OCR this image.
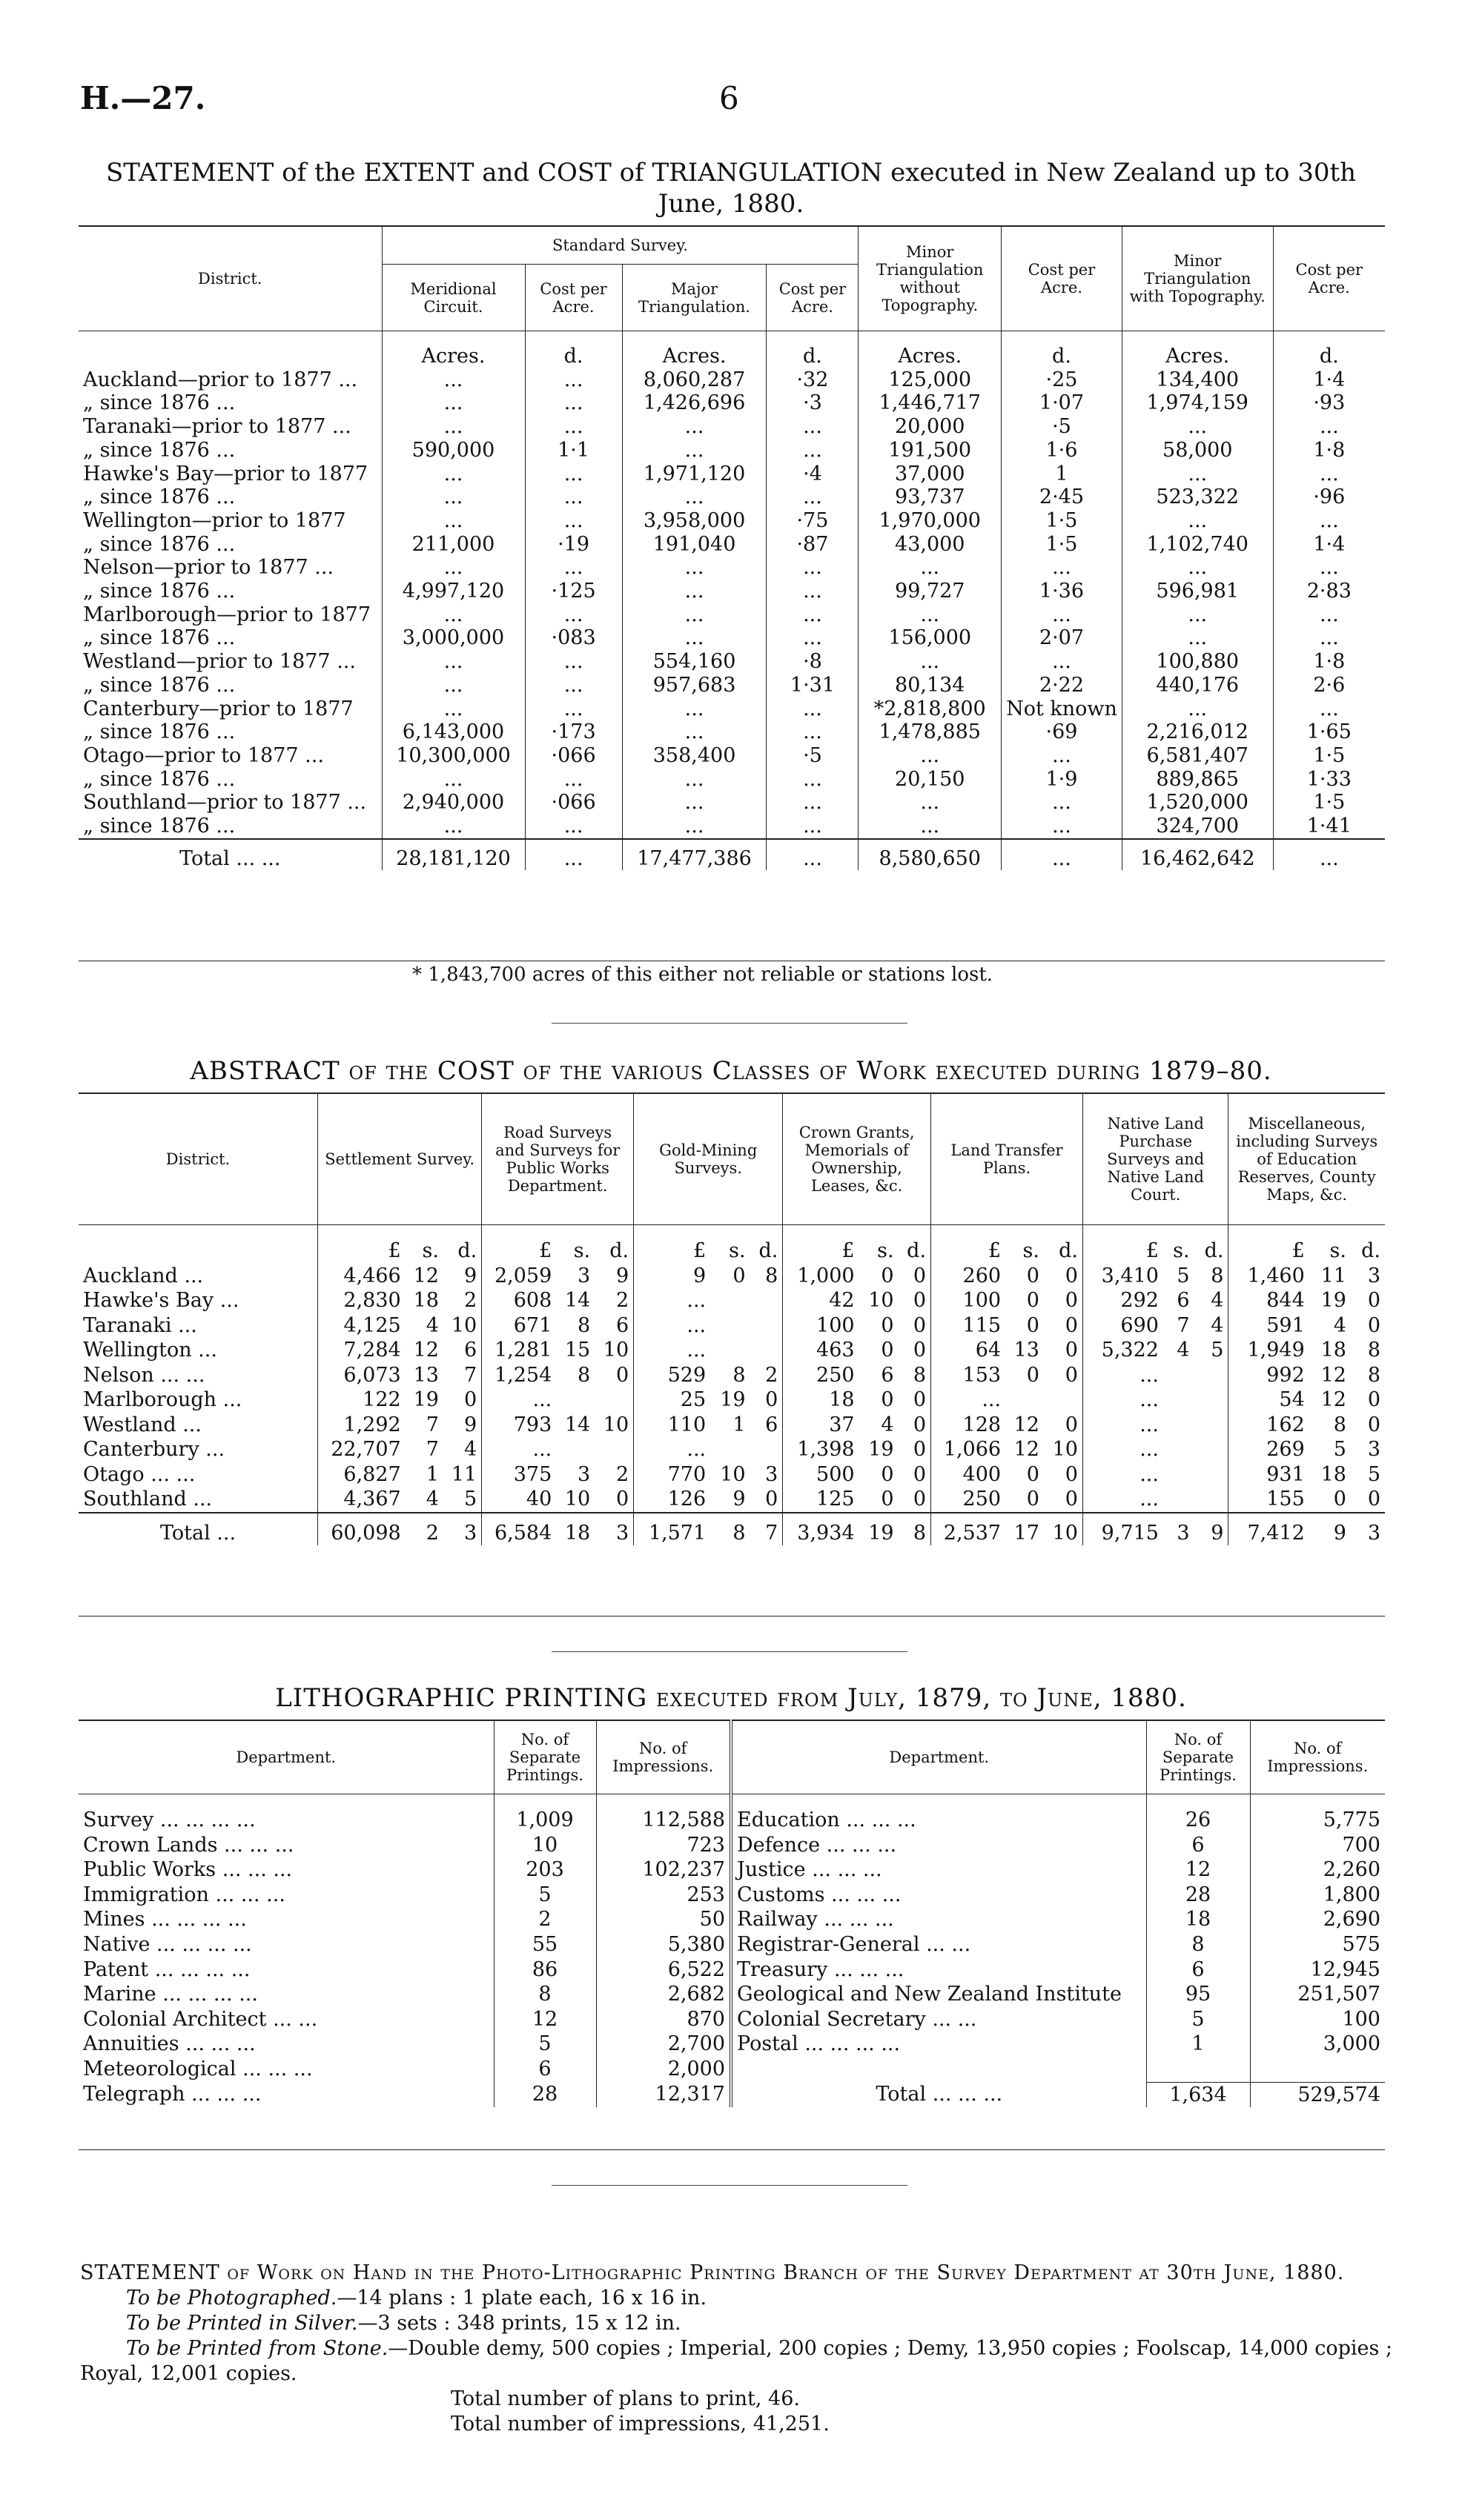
H.—27.	6
STATEMENT of the EXTENT and COST of TRIANGULATION executed in New Zealand up to 30th
June, 1880.
District.	Standard Survey.				Minor Triangulation without Topography.	Cost per Acre.	Minor Triangulation with Topography.	Cost per Acre.
	Meridional Circuit.	Cost per Acre.	Major Triangulation.	Cost per Acre.				
	Acres.	d.	Acres.	d.	Acres.	d.	Acres.	d.
Auckland—prior to 1877 ...	...	...	8,060,287	·32	125,000	·25	134,400	1·4
„ since 1876 ...	...	...	1,426,696	·3	1,446,717	1·07	1,974,159	·93
Taranaki—prior to 1877 ...	...	...	...	...	20,000	·5	...	...
„ since 1876 ...	590,000	1·1	...	...	191,500	1·6	58,000	1·8
Hawke's Bay—prior to 1877	...	...	1,971,120	·4	37,000	1	...	...
„ since 1876 ...	...	...	...	...	93,737	2·45	523,322	·96
Wellington—prior to 1877	...	...	3,958,000	·75	1,970,000	1·5	...	...
„ since 1876 ...	211,000	·19	191,040	·87	43,000	1·5	1,102,740	1·4
Nelson—prior to 1877 ...	...	...	...	...	...	...	...	...
„ since 1876 ...	4,997,120	·125	...	...	99,727	1·36	596,981	2·83
Marlborough—prior to 1877	...	...	...	...	...	...	...	...
„ since 1876 ...	3,000,000	·083	...	...	156,000	2·07	...	...
Westland—prior to 1877 ...	...	...	554,160	·8	...	...	100,880	1·8
„ since 1876 ...	...	...	957,683	1·31	80,134	2·22	440,176	2·6
Canterbury—prior to 1877	...	...	...	...	*2,818,800	Not known	...	...
„ since 1876 ...	6,143,000	·173	...	...	1,478,885	·69	2,216,012	1·65
Otago—prior to 1877 ...	10,300,000	·066	358,400	·5	...	...	6,581,407	1·5
„ since 1876 ...	...	...	...	...	20,150	1·9	889,865	1·33
Southland—prior to 1877 ...	2,940,000	·066	...	...	...	...	1,520,000	1·5
„ since 1876 ...	...	...	...	...	...	...	324,700	1·41
Total ... ...	28,181,120	...	17,477,386	...	8,580,650	...	16,462,642	...
* 1,843,700 acres of this either not reliable or stations lost.
ABSTRACT of the COST of the various Classes of Work executed during 1879–80.
District.	Settlement Survey.			Road Surveys and Surveys for Public Works Department.			Gold-Mining Surveys.			Crown Grants, Memorials of Ownership, Leases, &c.			Land Transfer Plans.			Native Land Purchase Surveys and Native Land Court.			Miscellaneous, including Surveys of Education Reserves, County Maps, &c.		
	£	s.	d.	£	s.	d.	£	s.	d.	£	s.	d.	£	s.	d.	£	s.	d.	£	s.	d.
Auckland ...	4,466	12	9	2,059	3	9	9	0	8	1,000	0	0	260	0	0	3,410	5	8	1,460	11	3
Hawke's Bay ...	2,830	18	2	608	14	2	...			42	10	0	100	0	0	292	6	4	844	19	0
Taranaki ...	4,125	4	10	671	8	6	...			100	0	0	115	0	0	690	7	4	591	4	0
Wellington ...	7,284	12	6	1,281	15	10	...			463	0	0	64	13	0	5,322	4	5	1,949	18	8
Nelson ... ...	6,073	13	7	1,254	8	0	529	8	2	250	6	8	153	0	0	...			992	12	8
Marlborough ...	122	19	0	...			25	19	0	18	0	0	...			...			54	12	0
Westland ...	1,292	7	9	793	14	10	110	1	6	37	4	0	128	12	0	...			162	8	0
Canterbury ...	22,707	7	4	...			...			1,398	19	0	1,066	12	10	...			269	5	3
Otago ... ...	6,827	1	11	375	3	2	770	10	3	500	0	0	400	0	0	...			931	18	5
Southland ...	4,367	4	5	40	10	0	126	9	0	125	0	0	250	0	0	...			155	0	0
Total ...	60,098	2	3	6,584	18	3	1,571	8	7	3,934	19	8	2,537	17	10	9,715	3	9	7,412	9	3
LITHOGRAPHIC PRINTING executed from July, 1879, to June, 1880.
Department.	No. of Separate Printings.	No. of Impressions.	Department.	No. of Separate Printings.	No. of Impressions.
Survey ... ... ... ...	1,009	112,588	Education ... ... ...	26	5,775
Crown Lands ... ... ...	10	723	Defence ... ... ...	6	700
Public Works ... ... ...	203	102,237	Justice ... ... ...	12	2,260
Immigration ... ... ...	5	253	Customs ... ... ...	28	1,800
Mines ... ... ... ...	2	50	Railway ... ... ...	18	2,690
Native ... ... ... ...	55	5,380	Registrar-General ... ...	8	575
Patent ... ... ... ...	86	6,522	Treasury ... ... ...	6	12,945
Marine ... ... ... ...	8	2,682	Geological and New Zealand Institute	95	251,507
Colonial Architect ... ...	12	870	Colonial Secretary ... ...	5	100
Annuities ... ... ...	5	2,700	Postal ... ... ... ...	1	3,000
Meteorological ... ... ...	6	2,000			
Telegraph ... ... ...	28	12,317	Total ... ... ...	1,634	529,574
STATEMENT of Work on Hand in the Photo-Lithographic Printing Branch of the Survey Department at 30th June, 1880.
To be Photographed.—14 plans : 1 plate each, 16 x 16 in.
To be Printed in Silver.—3 sets : 348 prints, 15 x 12 in.
To be Printed from Stone.—Double demy, 500 copies ; Imperial, 200 copies ; Demy, 13,950 copies ; Foolscap, 14,000 copies ; Royal, 12,001 copies.
Total number of plans to print, 46.
Total number of impressions, 41,251.
